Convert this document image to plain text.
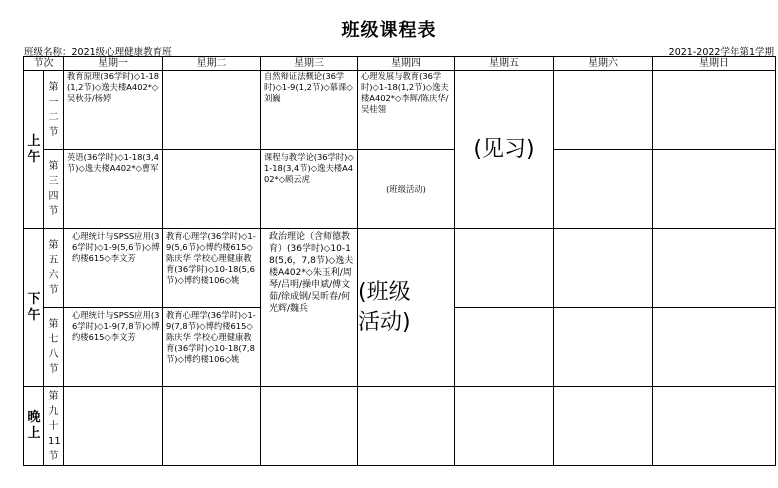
班级课程表
班级名称：2021级心理健康教育班	2021-2022学年第1学期
节次		星期一	星期二	星期三	星期四	星期五	星期六	星期日
上午	第一二节	教育原理(36学时)◇1-18(1,2节)◇逸夫楼A402*◇吴秋芬/杨婷		自然辩证法概论(36学时)◇1-9(1,2节)◇慕课◇刘巍	心理发展与教育(36学时)◇1-18(1,2节)◇逸夫楼A402*◇李辉/陈庆华/吴桂翎	(见习)		
	第三四节	英语(36学时)◇1-18(3,4节)◇逸夫楼A402*◇曹军		课程与教学论(36学时)◇1-18(3,4节)◇逸夫楼A402*◇顾云虎	(班级活动)			
下午	第五六节	心理统计与SPSS应用(36学时)◇1-9(5,6节)◇博约楼615◇李文芳	教育心理学(36学时)◇1-9(5,6节)◇博约楼615◇陈庆华 学校心理健康教育(36学时)◇10-18(5,6节)◇博约楼106◇姚	政治理论（含师德教育）(36学时)◇10-18(5,6，7,8节)◇逸夫楼A402*◇朱玉利/周琴/吕明/操申斌/傅文茹/徐成钢/吴昕春/何光辉/魏兵	(班级活动)			
	第七八节	心理统计与SPSS应用(36学时)◇1-9(7,8节)◇博约楼615◇李文芳	教育心理学(36学时)◇1-9(7,8节)◇博约楼615◇陈庆华 学校心理健康教育(36学时)◇10-18(7,8节)◇博约楼106◇姚					

晚上	第九十11节							
